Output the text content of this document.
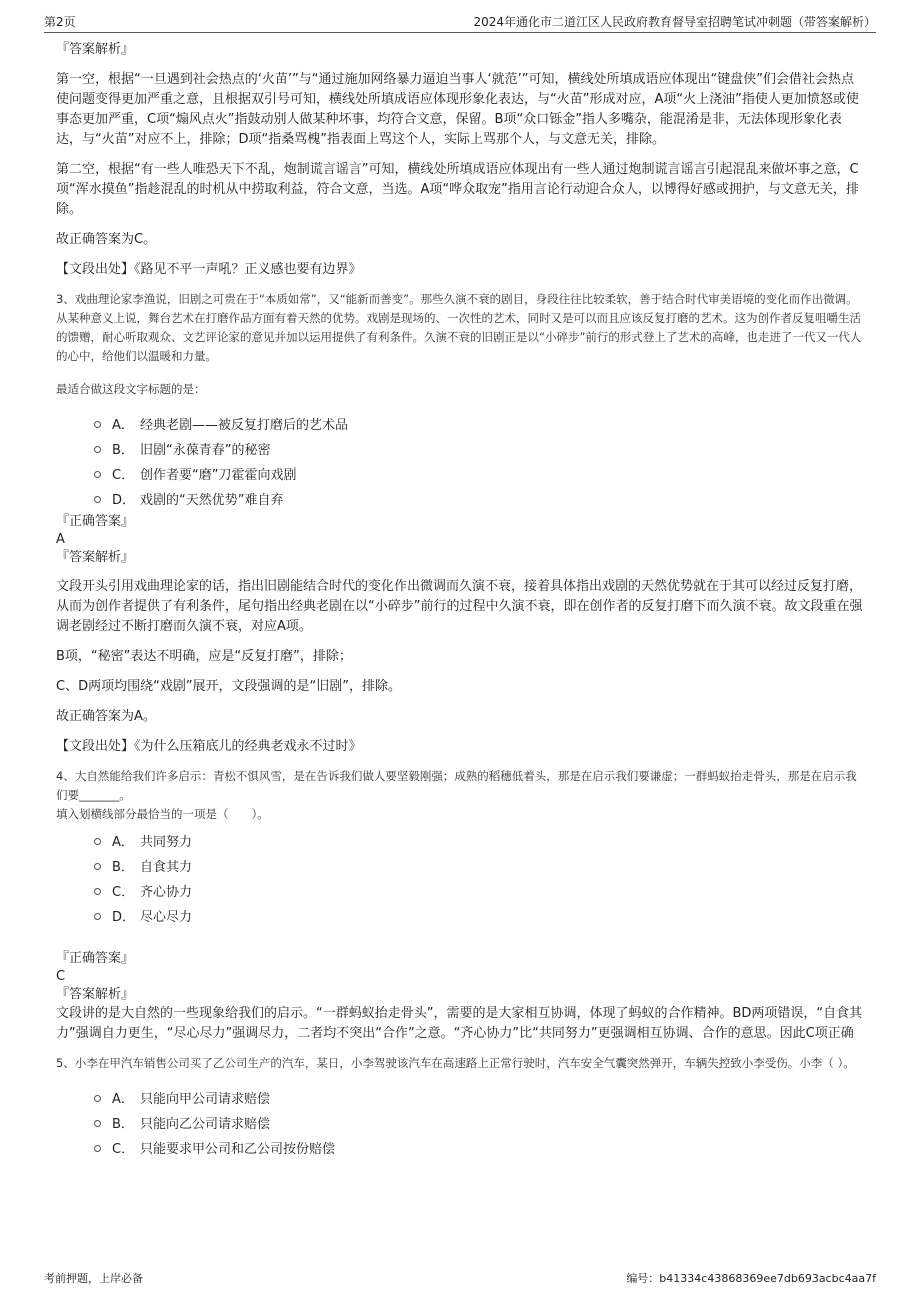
第2页	2024年通化市二道江区人民政府教育督导室招聘笔试冲刺题（带答案解析）

『答案解析』

第一空，根据“一旦遇到社会热点的‘火苗’”与“通过施加网络暴力逼迫当事人‘就范’”可知，横线处所填成语应体现出“键盘侠”们会借社会热点使问题变得更加严重之意，且根据双引号可知，横线处所填成语应体现形象化表达，与“火苗”形成对应，A项“火上浇油”指使人更加愤怒或使事态更加严重，C项“煽风点火”指鼓动别人做某种坏事，均符合文意，保留。B项“众口铄金”指人多嘴杂，能混淆是非，无法体现形象化表达，与“火苗”对应不上，排除；D项“指桑骂槐”指表面上骂这个人，实际上骂那个人，与文意无关，排除。

第二空，根据“有一些人唯恐天下不乱，炮制谎言谣言”可知，横线处所填成语应体现出有一些人通过炮制谎言谣言引起混乱来做坏事之意，C项“浑水摸鱼”指趁混乱的时机从中捞取利益，符合文意，当选。A项“哗众取宠”指用言论行动迎合众人，以博得好感或拥护，与文意无关，排除。

故正确答案为C。

【文段出处】《路见不平一声吼？正义感也要有边界》

3、戏曲理论家李渔说，旧剧之可贵在于“本质如常”，又“能新而善变”。那些久演不衰的剧目，身段往往比较柔软，善于结合时代审美语境的变化而作出微调。从某种意义上说，舞台艺术在打磨作品方面有着天然的优势。戏剧是现场的、一次性的艺术，同时又是可以而且应该反复打磨的艺术。这为创作者反复咀嚼生活的馈赠，耐心听取观众、文艺评论家的意见并加以运用提供了有利条件。久演不衰的旧剧正是以“小碎步”前行的形式登上了艺术的高峰，也走进了一代又一代人的心中，给他们以温暖和力量。

最适合做这段文字标题的是：

A． 经典老剧——被反复打磨后的艺术品
B． 旧剧“永葆青春”的秘密
C． 创作者要“磨”刀霍霍向戏剧
D． 戏剧的“天然优势”难自弃

『正确答案』

A

『答案解析』

文段开头引用戏曲理论家的话，指出旧剧能结合时代的变化作出微调而久演不衰，接着具体指出戏剧的天然优势就在于其可以经过反复打磨，从而为创作者提供了有利条件，尾句指出经典老剧在以“小碎步”前行的过程中久演不衰，即在创作者的反复打磨下而久演不衰。故文段重在强调老剧经过不断打磨而久演不衰，对应A项。

B项，“秘密”表达不明确，应是“反复打磨”，排除；

C、D两项均围绕“戏剧”展开，文段强调的是“旧剧”，排除。

故正确答案为A。

【文段出处】《为什么压箱底儿的经典老戏永不过时》

4、大自然能给我们许多启示：青松不惧风雪，是在告诉我们做人要坚毅刚强；成熟的稻穗低着头，那是在启示我们要谦虚；一群蚂蚁抬走骨头，那是在启示我们要_______。

填入划横线部分最恰当的一项是（　　）。

A． 共同努力
B． 自食其力
C． 齐心协力
D． 尽心尽力

『正确答案』

C

『答案解析』

文段讲的是大自然的一些现象给我们的启示。“一群蚂蚁抬走骨头”，需要的是大家相互协调，体现了蚂蚁的合作精神。BD两项错误，“自食其力”强调自力更生，“尽心尽力”强调尽力，二者均不突出“合作”之意。“齐心协力”比“共同努力”更强调相互协调、合作的意思。因此C项正确

5、小李在甲汽车销售公司买了乙公司生产的汽车，某日，小李驾驶该汽车在高速路上正常行驶时，汽车安全气囊突然弹开，车辆失控致小李受伤。小李（ ）。

A． 只能向甲公司请求赔偿
B． 只能向乙公司请求赔偿
C． 只能要求甲公司和乙公司按份赔偿
考前押题，上岸必备	编号：b41334c43868369ee7db693acbc4aa7f
